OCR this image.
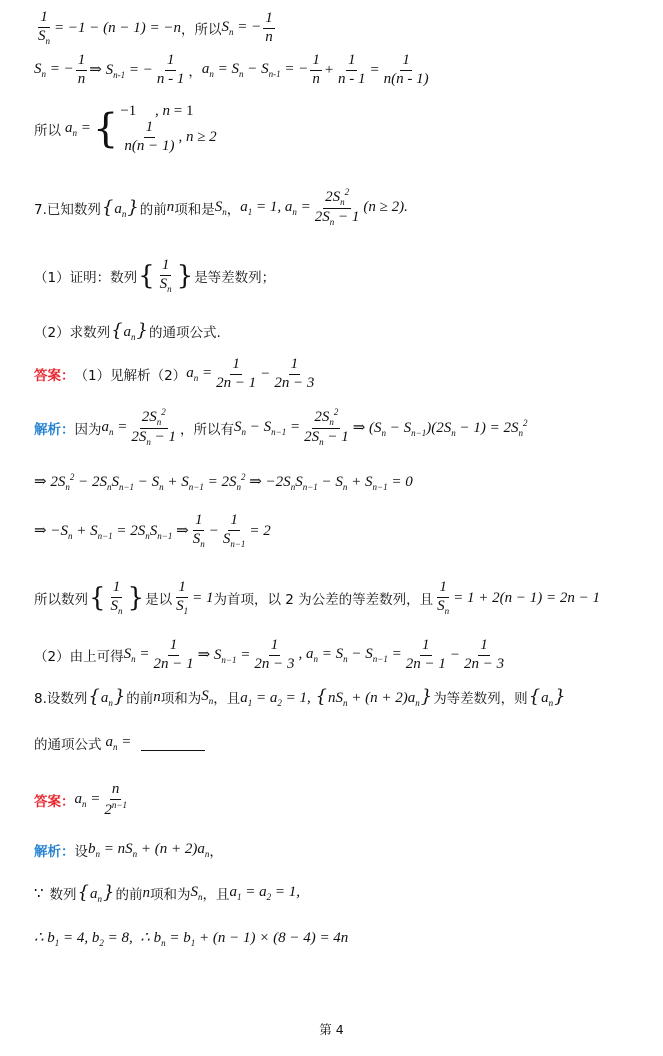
$\frac{1}{S_n} = -1 - (n - 1) = -n$ ，所以 $S_n$ = − $\frac{1}{n}$
$S_n$ = − $\frac{1}{n}$ ⇒ $S_{n-1}$ = − $\frac{1}{n - 1}$ ， $a_n = S_n - S_{n-1}$ = − $\frac{1}{n} + \frac{1}{n - 1} = \frac{1}{n(n - 1)}$
所以 $a_n$ = { −1     , n = 1
$\frac{1}{n(n - 1)}$ , n ≥ 2
7.已知数列 $\{a_n\}$ 的前 n 项和是 $S_n$ ， $a_1 = 1$, $a_n = \frac{2S_n^2}{2S_n - 1} (n \ge 2)$.
（1）证明：数列 { $\frac{1}{S_n}$ } 是等差数列；
（2）求数列 $\{a_n\}$ 的通项公式.
答案： （1）见解析（2） $a_n = \frac{1}{2n - 1} - \frac{1}{2n - 3}$
解析： 因为 $a_n = \frac{2S_n^2}{2S_n - 1}$ ，所以有 $S_n - S_{n-1} = \frac{2S_n^2}{2S_n - 1}$ ⇒ $(S_n - S_{n-1})(2S_n - 1) = 2S_n^2$
⇒ $2S_n^2 - 2S_nS_{n-1} - S_n + S_{n-1} = 2S_n^2$ ⇒ $-2S_nS_{n-1} - S_n + S_{n-1} = 0$
⇒ $-S_n + S_{n-1} = 2S_nS_{n-1}$ ⇒ $\frac{1}{S_n} - \frac{1}{S_{n-1}} = 2$
所以数列 { $\frac{1}{S_n}$ } 是以 $\frac{1}{S_1} = 1$ 为首项，以 2 为公差的等差数列，且 $\frac{1}{S_n} = 1 + 2(n - 1) = 2n - 1$
（2）由上可得 $S_n = \frac{1}{2n - 1}$ ⇒ $S_{n-1} = \frac{1}{2n - 3}$ , $a_n = S_n - S_{n-1} = \frac{1}{2n - 1} - \frac{1}{2n - 3}$
8.设数列 $\{a_n\}$ 的前 n 项和为 $S_n$ ，且 $a_1 = a_2 = 1$, $\{nS_n + (n + 2)a_n\}$ 为等差数列，则 $\{a_n\}$
的通项公式 $a_n$ =
答案： $a_n = \frac{n}{2^{n-1}}$
解析： 设 $b_n = nS_n + (n + 2)a_n$ ，
∵ 数列 $\{a_n\}$ 的前 n 项和为 $S_n$ ，且 $a_1 = a_2 = 1$,
∴ $b_1 = 4$, $b_2 = 8$,  ∴ $b_n = b_1 + (n - 1) \times (8 - 4) = 4n$
第 4
